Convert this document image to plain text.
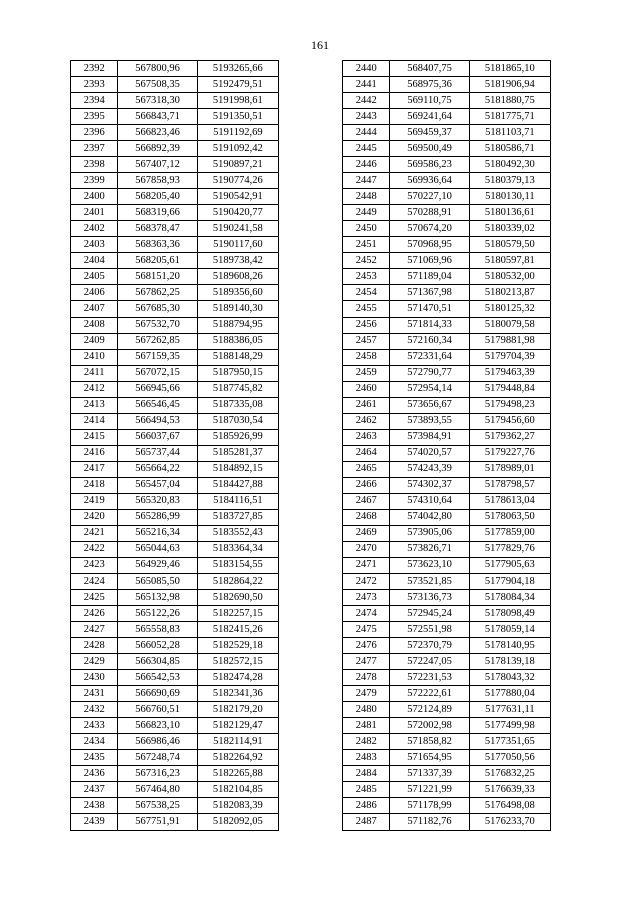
161
2392	567800,96	5193265,66
2393	567508,35	5192479,51
2394	567318,30	5191998,61
2395	566843,71	5191350,51
2396	566823,46	5191192,69
2397	566892,39	5191092,42
2398	567407,12	5190897,21
2399	567858,93	5190774,26
2400	568205,40	5190542,91
2401	568319,66	5190420,77
2402	568378,47	5190241,58
2403	568363,36	5190117,60
2404	568205,61	5189738,42
2405	568151,20	5189608,26
2406	567862,25	5189356,60
2407	567685,30	5189140,30
2408	567532,70	5188794,95
2409	567262,85	5188386,05
2410	567159,35	5188148,29
2411	567072,15	5187950,15
2412	566945,66	5187745,82
2413	566546,45	5187335,08
2414	566494,53	5187030,54
2415	566037,67	5185926,99
2416	565737,44	5185281,37
2417	565664,22	5184892,15
2418	565457,04	5184427,88
2419	565320,83	5184116,51
2420	565286,99	5183727,85
2421	565216,34	5183552,43
2422	565044,63	5183364,34
2423	564929,46	5183154,55
2424	565085,50	5182864,22
2425	565132,98	5182690,50
2426	565122,26	5182257,15
2427	565558,83	5182415,26
2428	566052,28	5182529,18
2429	566304,85	5182572,15
2430	566542,53	5182474,28
2431	566690,69	5182341,36
2432	566760,51	5182179,20
2433	566823,10	5182129,47
2434	566986,46	5182114,91
2435	567248,74	5182264,92
2436	567316,23	5182265,88
2437	567464,80	5182104,85
2438	567538,25	5182083,39
2439	567751,91	5182092,05
2440	568407,75	5181865,10
2441	568975,36	5181906,94
2442	569110,75	5181880,75
2443	569241,64	5181775,71
2444	569459,37	5181103,71
2445	569500,49	5180586,71
2446	569586,23	5180492,30
2447	569936,64	5180379,13
2448	570227,10	5180130,11
2449	570288,91	5180136,61
2450	570674,20	5180339,02
2451	570968,95	5180579,50
2452	571069,96	5180597,81
2453	571189,04	5180532,00
2454	571367,98	5180213,87
2455	571470,51	5180125,32
2456	571814,33	5180079,58
2457	572160,34	5179881,98
2458	572331,64	5179704,39
2459	572790,77	5179463,39
2460	572954,14	5179448,84
2461	573656,67	5179498,23
2462	573893,55	5179456,60
2463	573984,91	5179362,27
2464	574020,57	5179227,76
2465	574243,39	5178989,01
2466	574302,37	5178798,57
2467	574310,64	5178613,04
2468	574042,80	5178063,50
2469	573905,06	5177859,00
2470	573826,71	5177829,76
2471	573623,10	5177905,63
2472	573521,85	5177904,18
2473	573136,73	5178084,34
2474	572945,24	5178098,49
2475	572551,98	5178059,14
2476	572370,79	5178140,95
2477	572247,05	5178139,18
2478	572231,53	5178043,32
2479	572222,61	5177880,04
2480	572124,89	5177631,11
2481	572002,98	5177499,98
2482	571858,82	5177351,65
2483	571654,95	5177050,56
2484	571337,39	5176832,25
2485	571221,99	5176639,33
2486	571178,99	5176498,08
2487	571182,76	5176233,70
